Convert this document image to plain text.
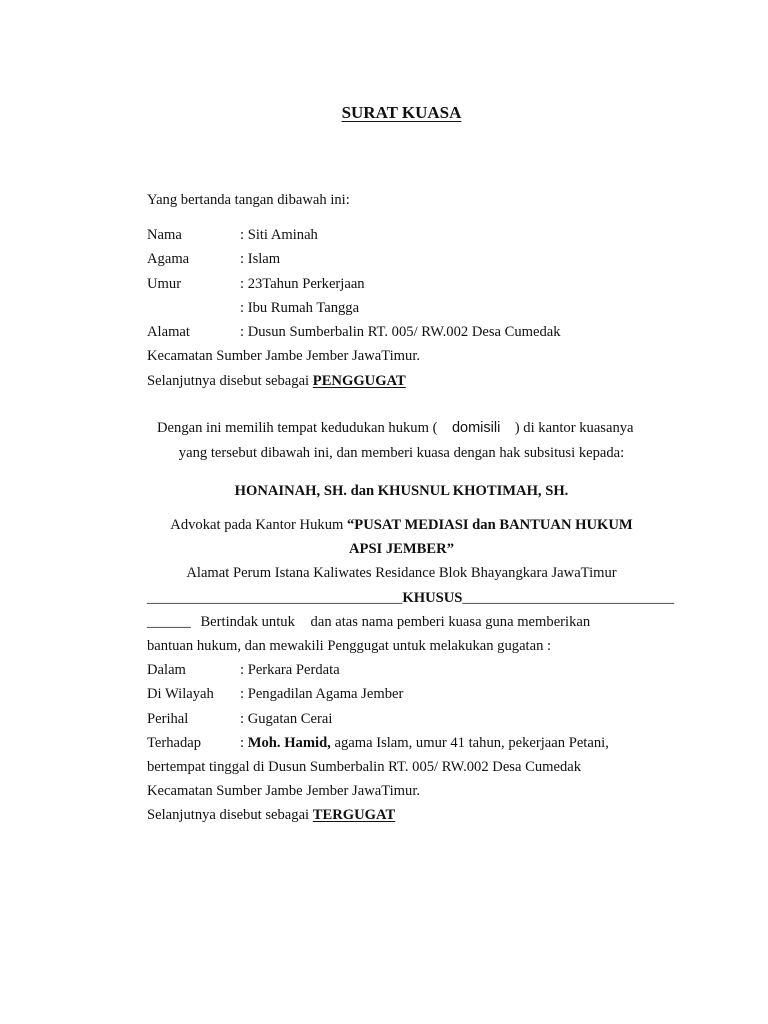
SURAT KUASA
Yang bertanda tangan dibawah ini:
Nama	: Siti Aminah
Agama	: Islam
Umur	: 23Tahun Perkerjaan
: Ibu Rumah Tangga
Alamat	: Dusun Sumberbalin RT. 005/ RW.002 Desa Cumedak
Kecamatan Sumber Jambe Jember JawaTimur.
Selanjutnya disebut sebagai PENGGUGAT
Dengan ini memilih tempat kedudukan hukum ( domisili ) di kantor kuasanya
yang tersebut dibawah ini, dan memberi kuasa dengan hak subsitusi kepada:
HONAINAH, SH. dan KHUSNUL KHOTIMAH, SH.
Advokat pada Kantor Hukum “PUSAT MEDIASI dan BANTUAN HUKUM
APSI JEMBER”
Alamat Perum Istana Kaliwates Residance Blok Bhayangkara JawaTimur
___________________________________KHUSUS_____________________________
______ Bertindak untuk dan atas nama pemberi kuasa guna memberikan
bantuan hukum, dan mewakili Penggugat untuk melakukan gugatan :
Dalam	: Perkara Perdata
Di Wilayah : Pengadilan Agama Jember
Perihal	: Gugatan Cerai
Terhadap	: Moh. Hamid, agama Islam, umur 41 tahun, pekerjaan Petani,
bertempat tinggal di Dusun Sumberbalin RT. 005/ RW.002 Desa Cumedak
Kecamatan Sumber Jambe Jember JawaTimur.
Selanjutnya disebut sebagai TERGUGAT
